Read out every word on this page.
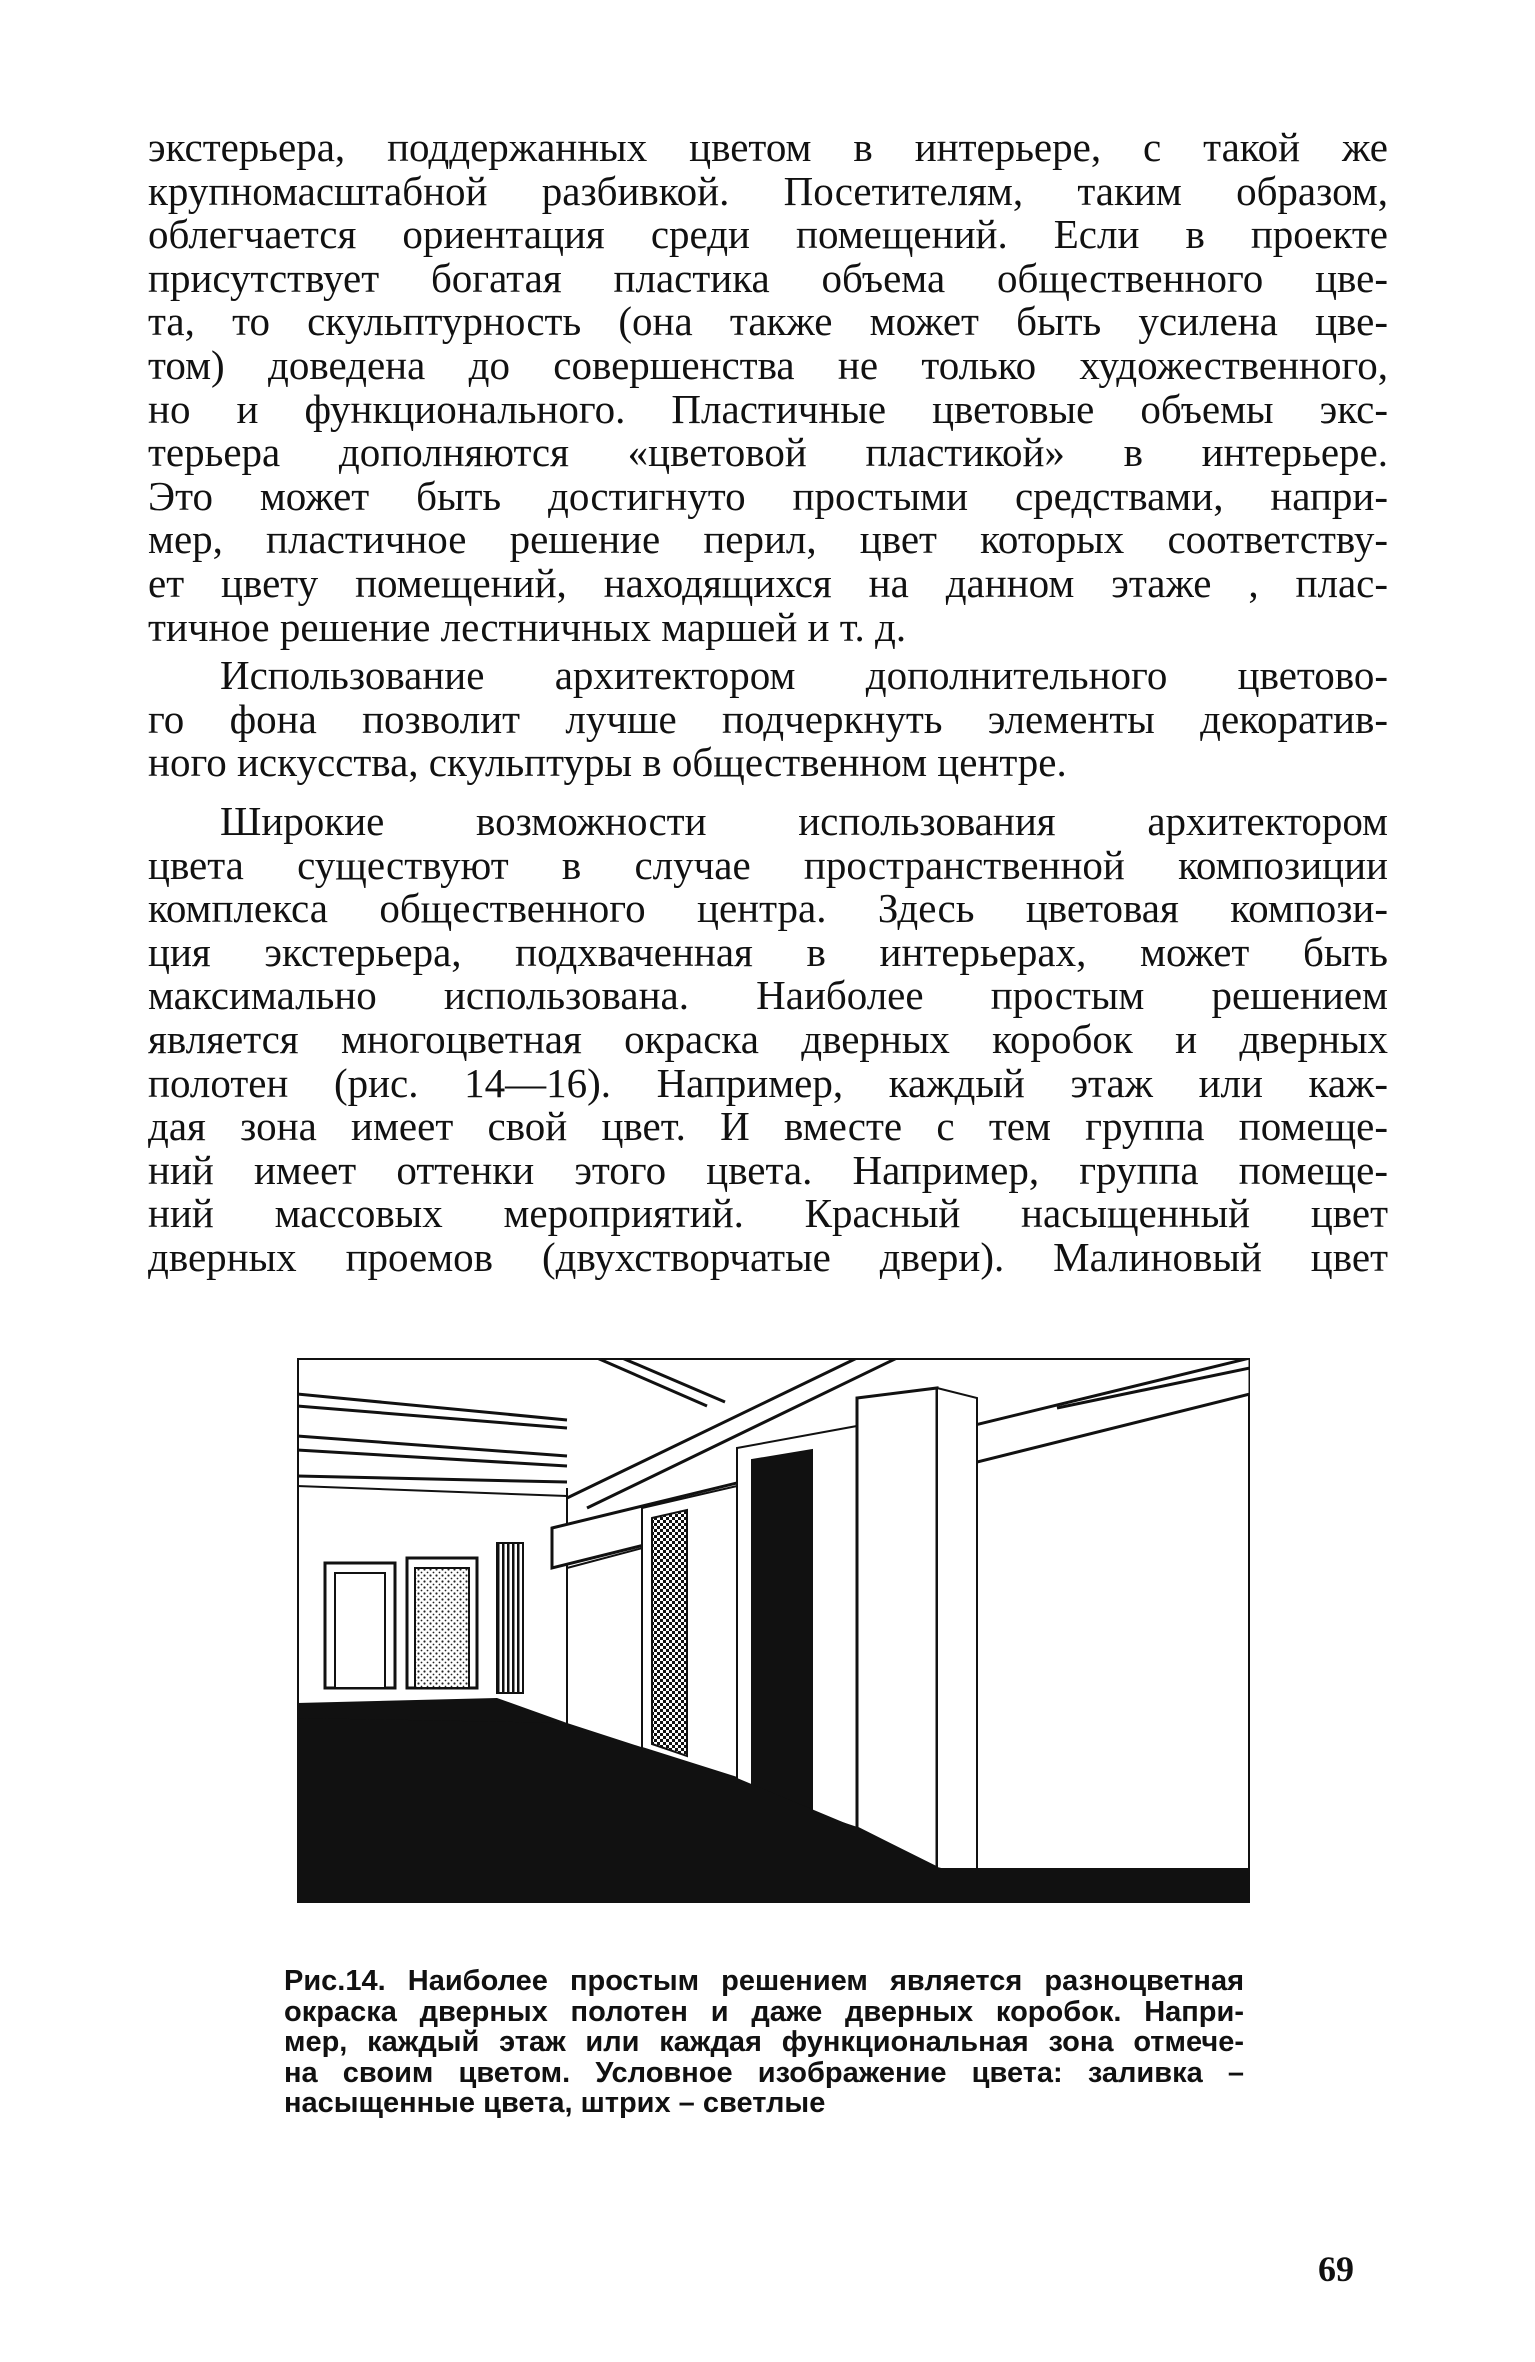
экстерьера, поддержанных цветом в интерьере, с такой же
крупномасштабной разбивкой. Посетителям, таким образом,
облегчается ориентация среди помещений. Если в проекте
присутствует богатая пластика объема общественного цве-
та, то скульптурность (она также может быть усилена цве-
том) доведена до совершенства не только художественного,
но и функционального. Пластичные цветовые объемы экс-
терьера дополняются «цветовой пластикой» в интерьере.
Это может быть достигнуто простыми средствами, напри-
мер, пластичное решение перил, цвет которых соответству-
ет цвету помещений, находящихся на данном этаже , плас-
тичное решение лестничных маршей и т. д.
Использование архитектором дополнительного цветово-
го фона позволит лучше подчеркнуть элементы декоратив-
ного искусства, скульптуры в общественном центре.
Широкие возможности использования архитектором
цвета существуют в случае пространственной композиции
комплекса общественного центра. Здесь цветовая компози-
ция экстерьера, подхваченная в интерьерах, может быть
максимально использована. Наиболее простым решением
является многоцветная окраска дверных коробок и дверных
полотен (рис. 14—16). Например, каждый этаж или каж-
дая зона имеет свой цвет. И вместе с тем группа помеще-
ний имеет оттенки этого цвета. Например, группа помеще-
ний массовых мероприятий. Красный насыщенный цвет
дверных проемов (двухстворчатые двери). Малиновый цвет
Рис.14. Наиболее простым решением является разноцветная
окраска дверных полотен и даже дверных коробок. Напри-
мер, каждый этаж или каждая функциональная зона отмече-
на своим цветом. Условное изображение цвета: заливка –
насыщенные цвета, штрих – светлые
69
